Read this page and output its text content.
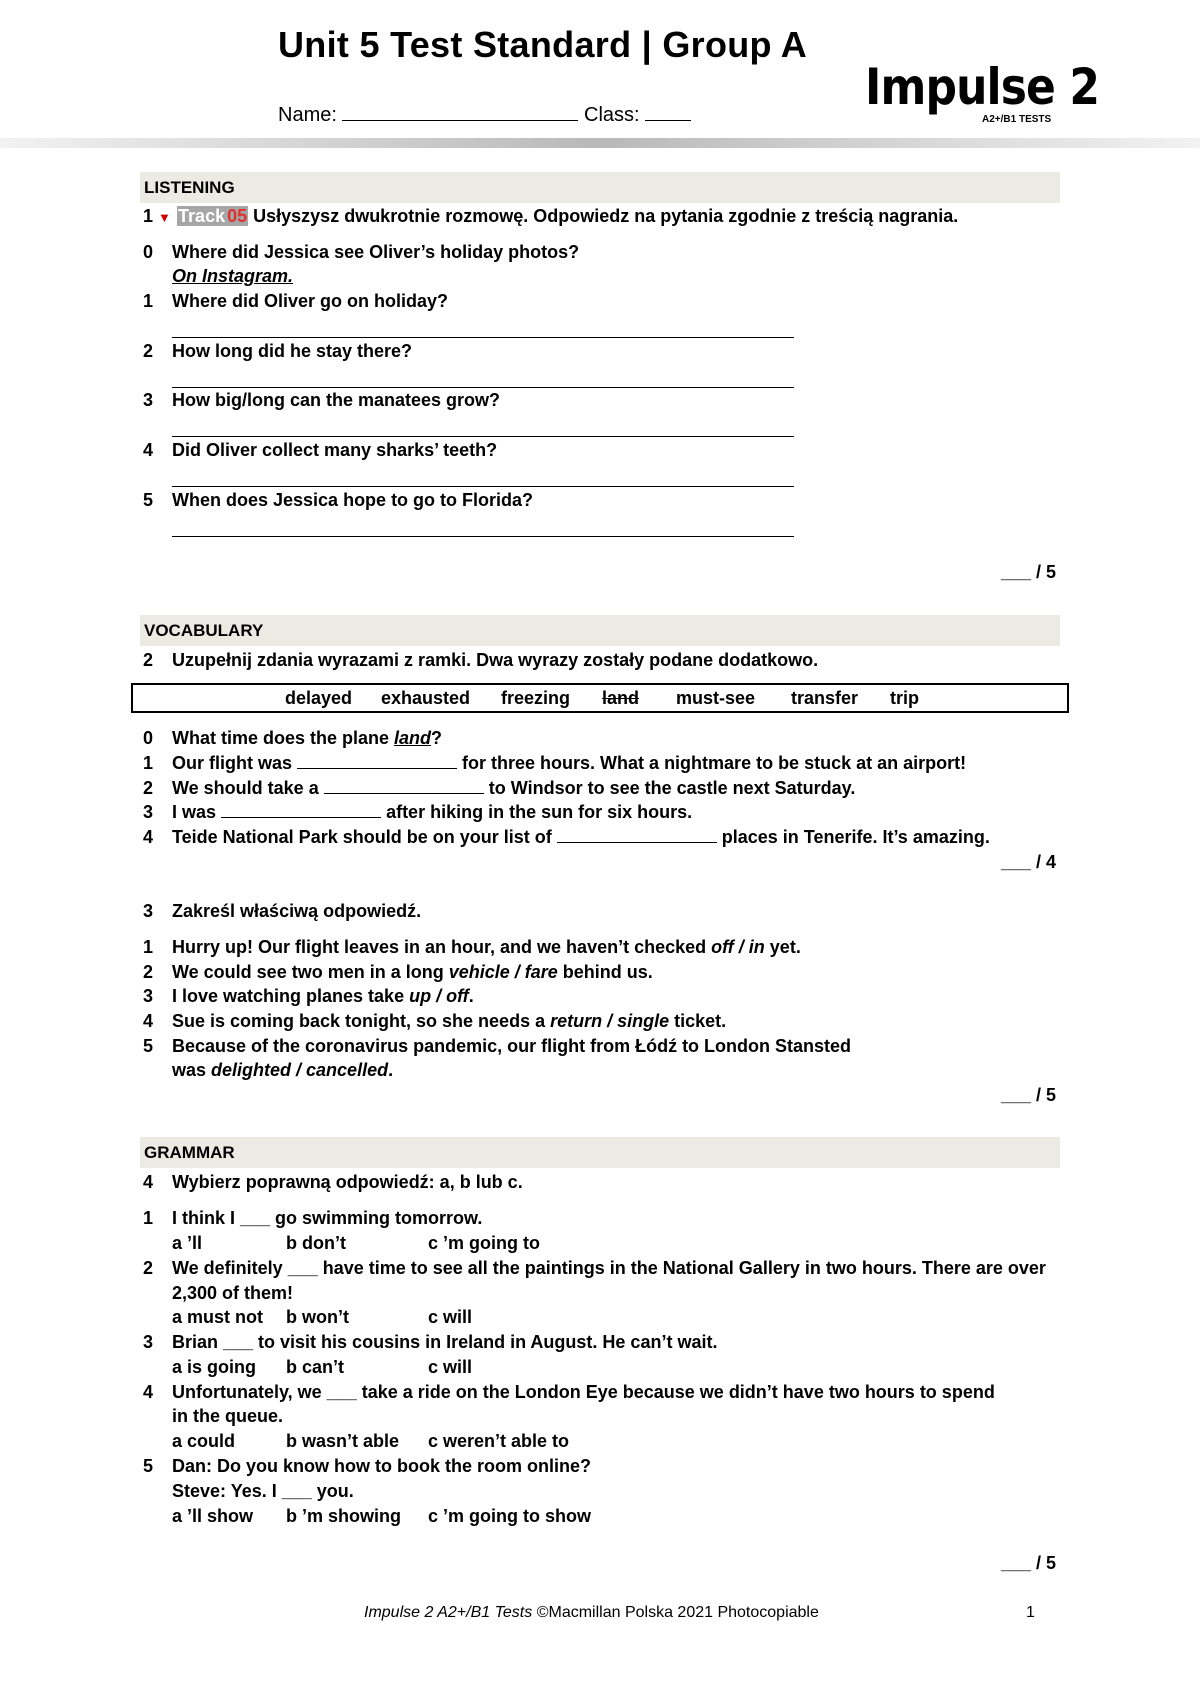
Unit 5 Test Standard | Group A
Name:	Class:	Impulse 2
A2+/B1 TESTS
LISTENING
1 ▼ Track 05 Usłyszysz dwukrotnie rozmowę. Odpowiedz na pytania zgodnie z treścią nagrania.
0 Where did Jessica see Oliver’s holiday photos?
On Instagram.
1 Where did Oliver go on holiday?
2 How long did he stay there?
3 How big/long can the manatees grow?
4 Did Oliver collect many sharks’ teeth?
5 When does Jessica hope to go to Florida?
___ / 5
VOCABULARY
2 Uzupełnij zdania wyrazami z ramki. Dwa wyrazy zostały podane dodatkowo.
delayed exhausted freezing land must-see transfer trip
0 What time does the plane land?
1 Our flight was	for three hours. What a nightmare to be stuck at an airport!
2 We should take a	to Windsor to see the castle next Saturday.
3 I was	after hiking in the sun for six hours.
4 Teide National Park should be on your list of	places in Tenerife. It’s amazing.
___ / 4
3 Zakreśl właściwą odpowiedź.
1 Hurry up! Our flight leaves in an hour, and we haven’t checked off / in yet.
2 We could see two men in a long vehicle / fare behind us.
3 I love watching planes take up / off.
4 Sue is coming back tonight, so she needs a return / single ticket.
5 Because of the coronavirus pandemic, our flight from Łódź to London Stansted
was delighted / cancelled.
___ / 5
GRAMMAR
4 Wybierz poprawną odpowiedź: a, b lub c.
1 I think I ___ go swimming tomorrow.
a ’ll	b don’t	c ’m going to
2 We definitely ___ have time to see all the paintings in the National Gallery in two hours. There are over
2,300 of them!
a must not b won’t	c will
3 Brian ___ to visit his cousins in Ireland in August. He can’t wait.
a is going b can’t	c will
4 Unfortunately, we ___ take a ride on the London Eye because we didn’t have two hours to spend
in the queue.
a could	b wasn’t able c weren’t able to
5 Dan: Do you know how to book the room online?
Steve: Yes. I ___ you.
a ’ll show b ’m showing c ’m going to show
___ / 5
Impulse 2 A2+/B1 Tests ©Macmillan Polska 2021 Photocopiable	1
